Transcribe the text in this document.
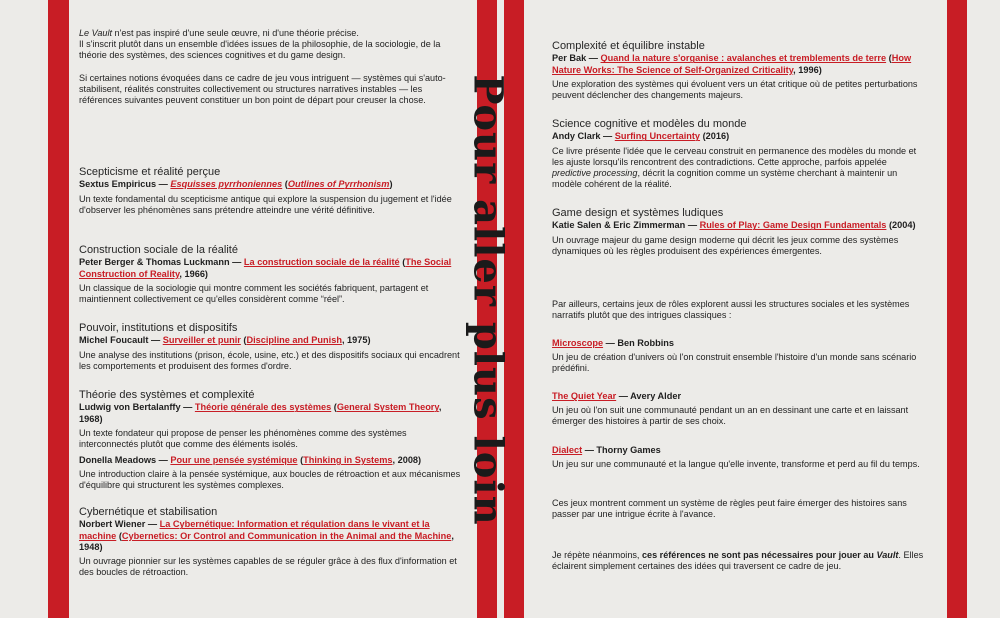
Pour aller plus loin

Le Vault n'est pas inspiré d'une seule œuvre, ni d'une théorie précise.

Il s'inscrit plutôt dans un ensemble d'idées issues de la philosophie, de la sociologie, de la théorie des systèmes, des sciences cognitives et du game design.

Si certaines notions évoquées dans ce cadre de jeu vous intriguent — systèmes qui s'auto-stabilisent, réalités construites collectivement ou structures narratives instables — les références suivantes peuvent constituer un bon point de départ pour creuser la chose.

Scepticisme et réalité perçue

Sextus Empiricus — Esquisses pyrrhoniennes (Outlines of Pyrrhonism)

Un texte fondamental du scepticisme antique qui explore la suspension du jugement et l'idée d'observer les phénomènes sans prétendre atteindre une vérité définitive.

Construction sociale de la réalité

Peter Berger & Thomas Luckmann — La construction sociale de la réalité (The Social Construction of Reality, 1966)

Un classique de la sociologie qui montre comment les sociétés fabriquent, partagent et maintiennent collectivement ce qu'elles considèrent comme “réel”.

Pouvoir, institutions et dispositifs

Michel Foucault — Surveiller et punir (Discipline and Punish, 1975)

Une analyse des institutions (prison, école, usine, etc.) et des dispositifs sociaux qui encadrent les comportements et produisent des formes d'ordre.

Théorie des systèmes et complexité

Ludwig von Bertalanffy — Théorie générale des systèmes (General System Theory, 1968)

Un texte fondateur qui propose de penser les phénomènes comme des systèmes interconnectés plutôt que comme des éléments isolés.

Donella Meadows — Pour une pensée systémique (Thinking in Systems, 2008)

Une introduction claire à la pensée systémique, aux boucles de rétroaction et aux mécanismes d'équilibre qui structurent les systèmes complexes.

Cybernétique et stabilisation

Norbert Wiener — La Cybernétique: Information et régulation dans le vivant et la machine (Cybernetics: Or Control and Communication in the Animal and the Machine, 1948)

Un ouvrage pionnier sur les systèmes capables de se réguler grâce à des flux d'information et des boucles de rétroaction.

Complexité et équilibre instable

Per Bak — Quand la nature s'organise : avalanches et tremblements de terre (How Nature Works: The Science of Self-Organized Criticality, 1996)

Une exploration des systèmes qui évoluent vers un état critique où de petites perturbations peuvent déclencher des changements majeurs.

Science cognitive et modèles du monde

Andy Clark — Surfing Uncertainty (2016)

Ce livre présente l'idée que le cerveau construit en permanence des modèles du monde et les ajuste lorsqu'ils rencontrent des contradictions. Cette approche, parfois appelée predictive processing, décrit la cognition comme un système cherchant à maintenir un modèle cohérent de la réalité.

Game design et systèmes ludiques

Katie Salen & Eric Zimmerman — Rules of Play: Game Design Fundamentals (2004)

Un ouvrage majeur du game design moderne qui décrit les jeux comme des systèmes dynamiques où les règles produisent des expériences émergentes.

Par ailleurs, certains jeux de rôles explorent aussi les structures sociales et les systèmes narratifs plutôt que des intrigues classiques :

Microscope — Ben Robbins

Un jeu de création d'univers où l'on construit ensemble l'histoire d'un monde sans scénario prédéfini.

The Quiet Year — Avery Alder

Un jeu où l'on suit une communauté pendant un an en dessinant une carte et en laissant émerger des histoires à partir de ses choix.

Dialect — Thorny Games

Un jeu sur une communauté et la langue qu'elle invente, transforme et perd au fil du temps.

Ces jeux montrent comment un système de règles peut faire émerger des histoires sans passer par une intrigue écrite à l'avance.

Je répète néanmoins, ces références ne sont pas nécessaires pour jouer au Vault. Elles éclairent simplement certaines des idées qui traversent ce cadre de jeu.
